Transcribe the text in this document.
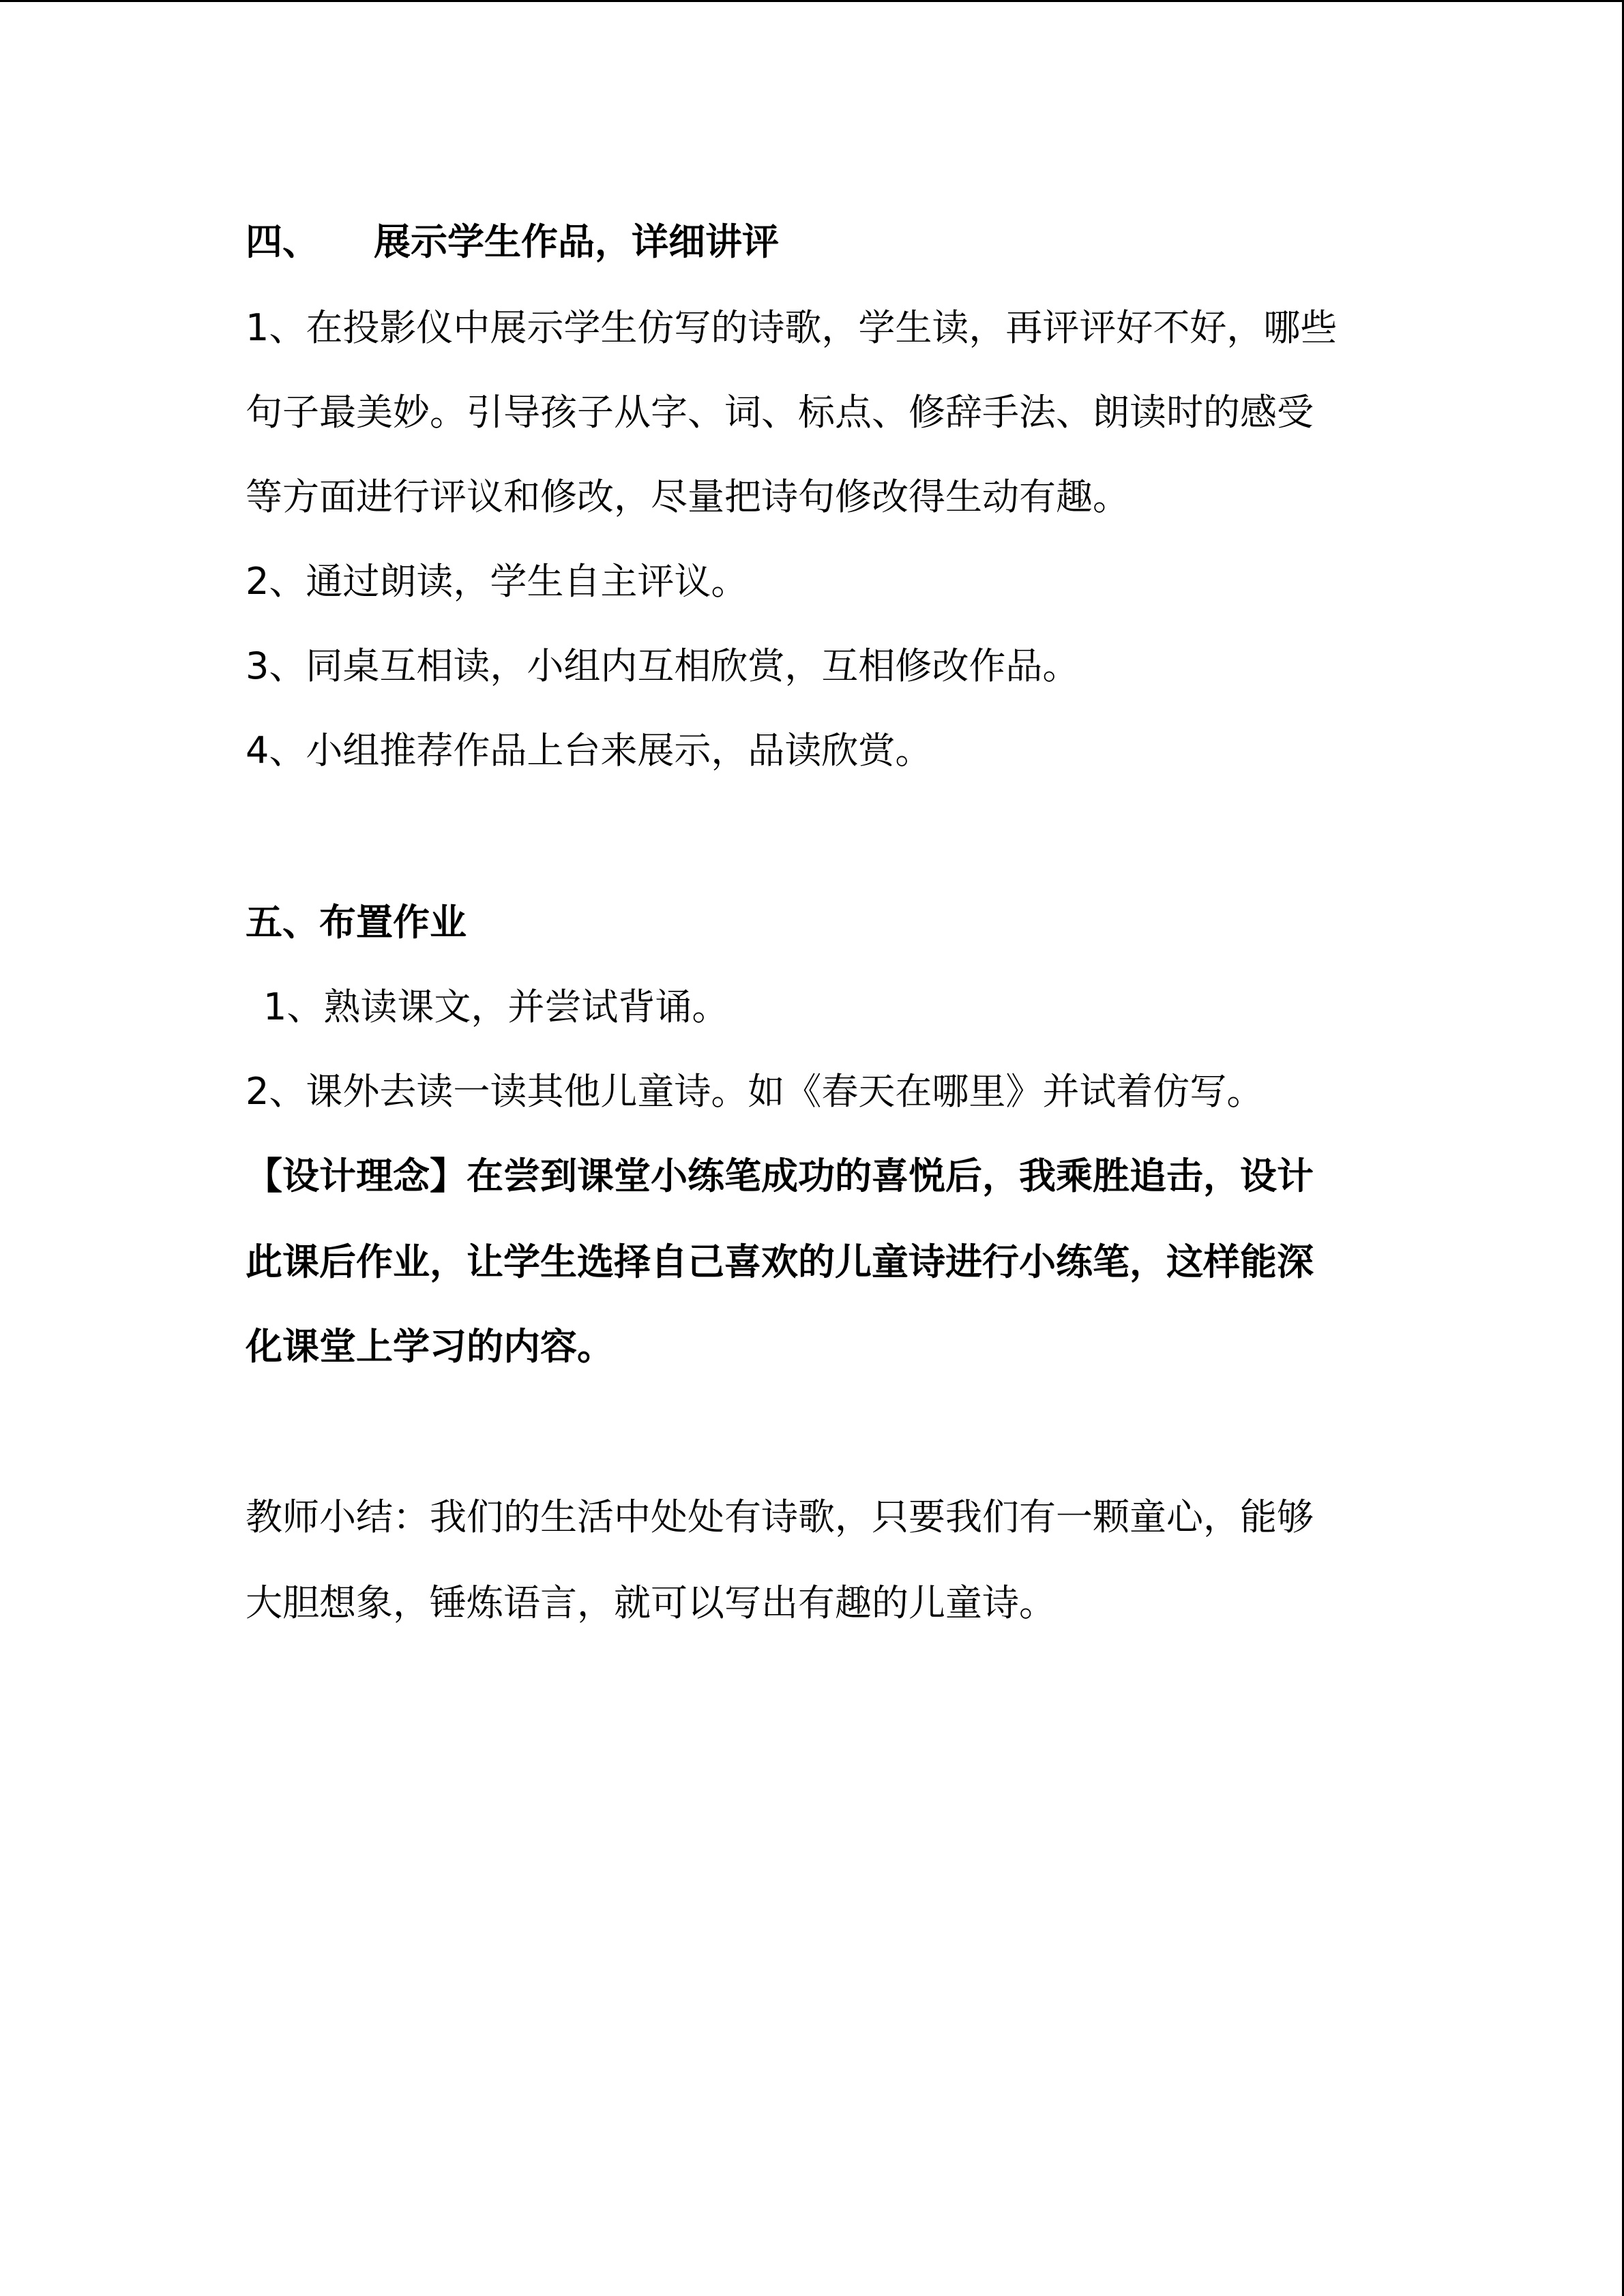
四、 展示学生作品，详细讲评
1、在投影仪中展示学生仿写的诗歌，学生读，再评评好不好，哪些
句子最美妙。引导孩子从字、词、标点、修辞手法、朗读时的感受
等方面进行评议和修改，尽量把诗句修改得生动有趣。
2、通过朗读，学生自主评议。
3、同桌互相读，小组内互相欣赏，互相修改作品。
4、小组推荐作品上台来展示，品读欣赏。
五、布置作业
1、熟读课文，并尝试背诵。
2、课外去读一读其他儿童诗。如《春天在哪里》并试着仿写。
【设计理念】在尝到课堂小练笔成功的喜悦后，我乘胜追击，设计
此课后作业，让学生选择自己喜欢的儿童诗进行小练笔，这样能深
化课堂上学习的内容。
教师小结：我们的生活中处处有诗歌，只要我们有一颗童心，能够
大胆想象，锤炼语言，就可以写出有趣的儿童诗。
